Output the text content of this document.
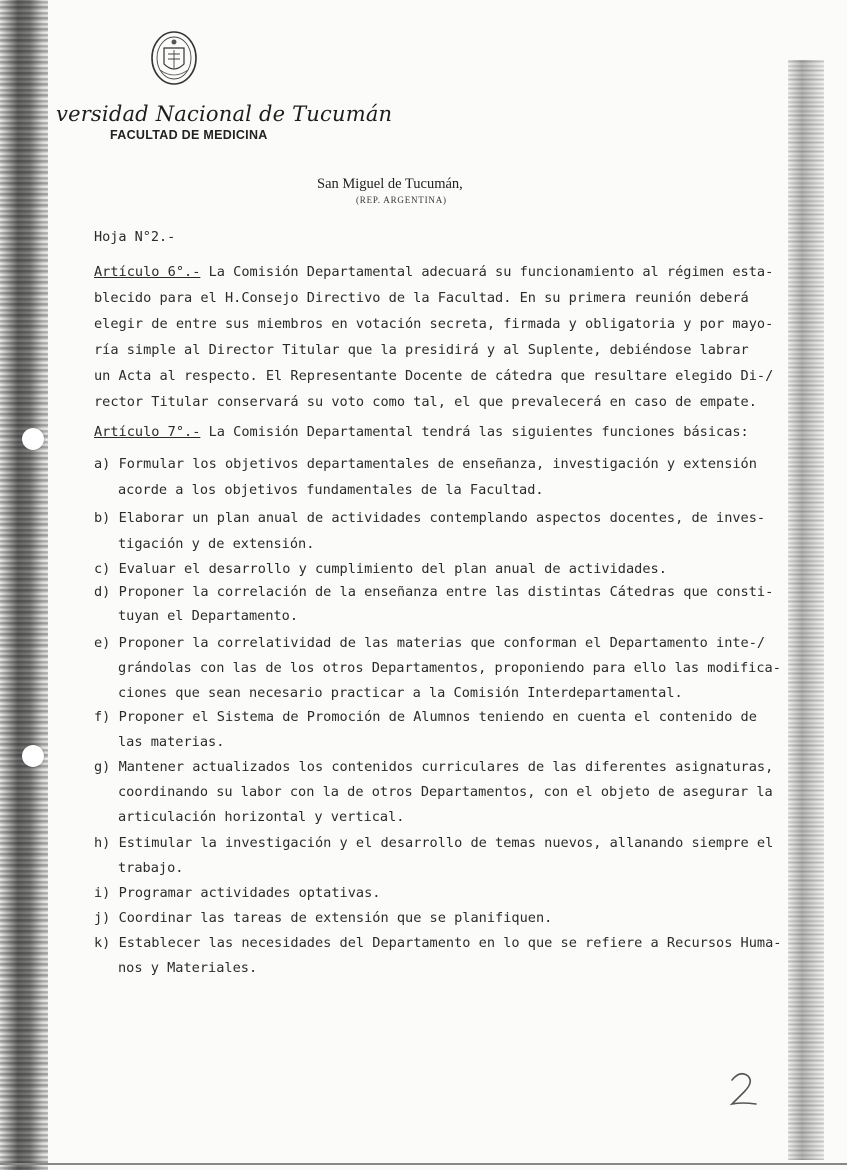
versidad Nacional de Tucumán
FACULTAD DE MEDICINA
San Miguel de Tucumán,
(REP. ARGENTINA)
Hoja N°2.-
Artículo 6°.- La Comisión Departamental adecuará su funcionamiento al régimen esta-
blecido para el H.Consejo Directivo de la Facultad. En su primera reunión deberá
elegir de entre sus miembros en votación secreta, firmada y obligatoria y por mayo-
ría simple al Director Titular que la presidirá y al Suplente, debiéndose labrar
un Acta al respecto. El Representante Docente de cátedra que resultare elegido Di-/
rector Titular conservará su voto como tal, el que prevalecerá en caso de empate.
Artículo 7°.- La Comisión Departamental tendrá las siguientes funciones básicas:
a) Formular los objetivos departamentales de enseñanza, investigación y extensión
acorde a los objetivos fundamentales de la Facultad.
b) Elaborar un plan anual de actividades contemplando aspectos docentes, de inves-
tigación y de extensión.
c) Evaluar el desarrollo y cumplimiento del plan anual de actividades.
d) Proponer la correlación de la enseñanza entre las distintas Cátedras que consti-
tuyan el Departamento.
e) Proponer la correlatividad de las materias que conforman el Departamento inte-/
grándolas con las de los otros Departamentos, proponiendo para ello las modifica-
ciones que sean necesario practicar a la Comisión Interdepartamental.
f) Proponer el Sistema de Promoción de Alumnos teniendo en cuenta el contenido de
las materias.
g) Mantener actualizados los contenidos curriculares de las diferentes asignaturas,
coordinando su labor con la de otros Departamentos, con el objeto de asegurar la
articulación horizontal y vertical.
h) Estimular la investigación y el desarrollo de temas nuevos, allanando siempre el
trabajo.
i) Programar actividades optativas.
j) Coordinar las tareas de extensión que se planifiquen.
k) Establecer las necesidades del Departamento en lo que se refiere a Recursos Huma-
nos y Materiales.
